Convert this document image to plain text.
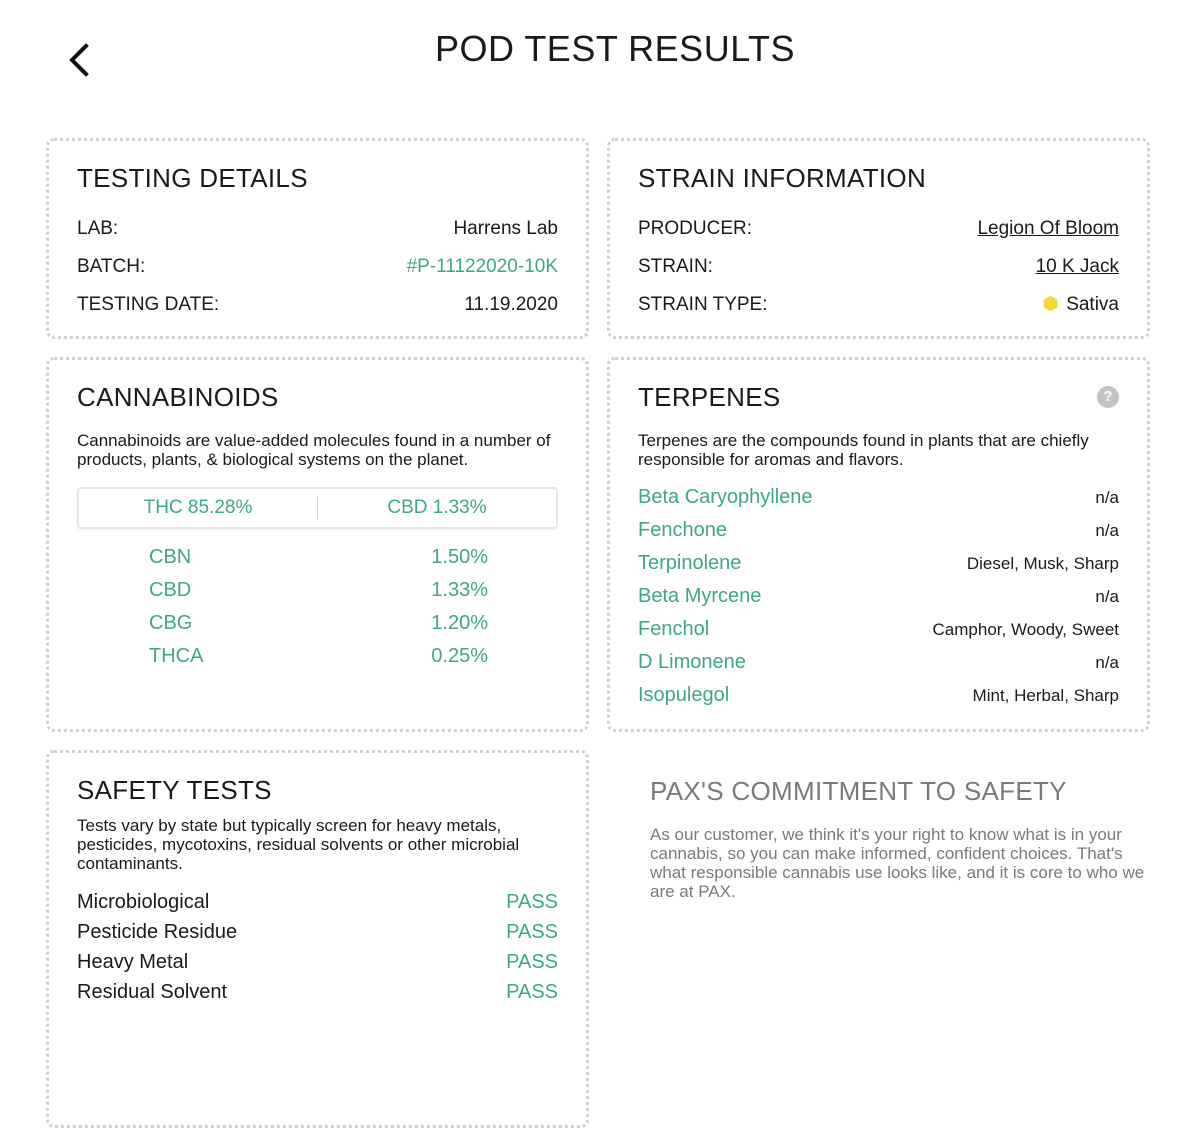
POD TEST RESULTS
TESTING DETAILS
LAB:	Harrens Lab
BATCH:	#P-11122020-10K
TESTING DATE:	11.19.2020
STRAIN INFORMATION
PRODUCER:	Legion Of Bloom
STRAIN:	10 K Jack
STRAIN TYPE:	Sativa
CANNABINOIDS
Cannabinoids are value-added molecules found in a number of products, plants, & biological systems on the planet.
THC 85.28%	CBD 1.33%
CBN	1.50%
CBD	1.33%
CBG	1.20%
THCA	0.25%
?
TERPENES
Terpenes are the compounds found in plants that are chiefly responsible for aromas and flavors.
Beta Caryophyllene	n/a
Fenchone	n/a
Terpinolene	Diesel, Musk, Sharp
Beta Myrcene	n/a
Fenchol	Camphor, Woody, Sweet
D Limonene	n/a
Isopulegol	Mint, Herbal, Sharp
SAFETY TESTS
Tests vary by state but typically screen for heavy metals, pesticides, mycotoxins, residual solvents or other microbial contaminants.
Microbiological	PASS
Pesticide Residue	PASS
Heavy Metal	PASS
Residual Solvent	PASS
PAX'S COMMITMENT TO SAFETY
As our customer, we think it's your right to know what is in your cannabis, so you can make informed, confident choices. That's what responsible cannabis use looks like, and it is core to who we are at PAX.
